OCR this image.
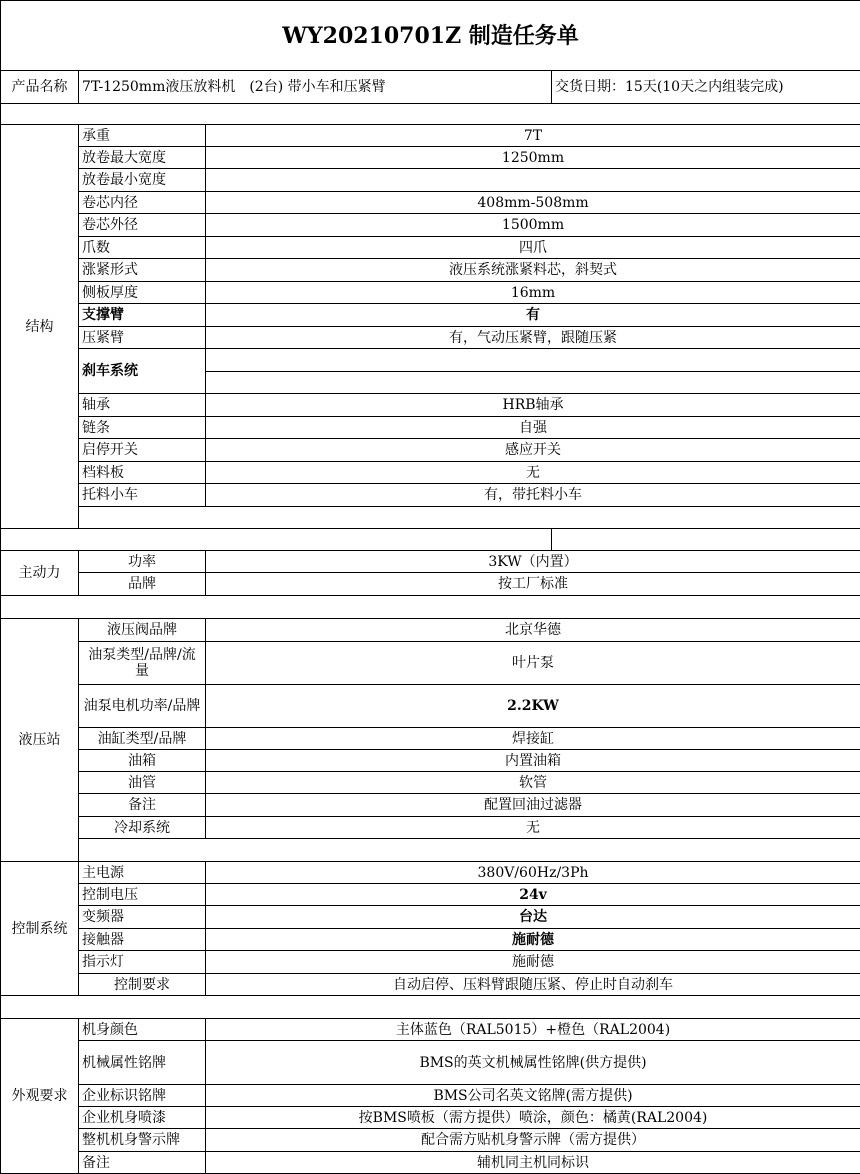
WY20210701Z 制造任务单			
产品名称	7T-1250mm液压放料机　(2台) 带小车和压紧臂		交货日期：15天(10天之内组装完成)

结构	承重	7T	
	放卷最大宽度	1250mm	
	放卷最小宽度		
	卷芯内径	408mm-508mm	
	卷芯外径	1500mm	
	爪数	四爪	
	涨紧形式	液压系统涨紧料芯，斜契式	
	侧板厚度	16mm	
	支撑臂	有	
	压紧臂	有，气动压紧臂，跟随压紧	
	刹车系统		

	轴承	HRB轴承	
	链条	自强	
	启停开关	感应开关	
	档料板	无	
	托料小车	有，带托料小车	

主动力	功率	3KW（内置）	
	品牌	按工厂标准	

液压站	液压阀品牌	北京华德	
	油泵类型/品牌/流量	叶片泵	
	油泵电机功率/品牌	2.2KW	
	油缸类型/品牌	焊接缸	
	油箱	内置油箱	
	油管	软管	
	备注	配置回油过滤器	
	冷却系统	无	

控制系统	主电源	380V/60Hz/3Ph	
	控制电压	24v	
	变频器	台达	
	接触器	施耐德	
	指示灯	施耐德	
	控制要求	自动启停、压料臂跟随压紧、停止时自动刹车	

外观要求	机身颜色	主体蓝色（RAL5015）+橙色（RAL2004)	
	机械属性铭牌	BMS的英文机械属性铭牌(供方提供)	
	企业标识铭牌	BMS公司名英文铭牌(需方提供)	
	企业机身喷漆	按BMS喷板（需方提供）喷涂，颜色：橘黄(RAL2004)	
	整机机身警示牌	配合需方贴机身警示牌（需方提供）	
	备注	辅机同主机同标识	
